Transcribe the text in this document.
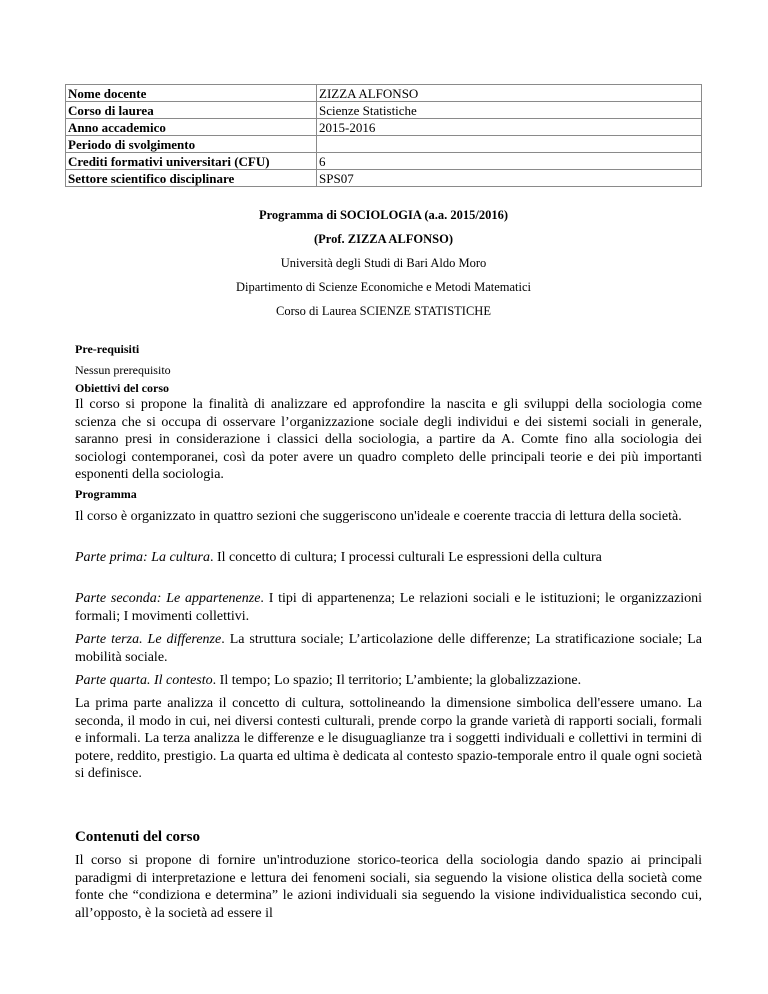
Nome docente	ZIZZA ALFONSO
Corso di laurea	Scienze Statistiche
Anno accademico	2015-2016
Periodo di svolgimento	
Crediti formativi universitari (CFU)	6
Settore scientifico disciplinare	SPS07
Programma di SOCIOLOGIA (a.a. 2015/2016)
(Prof. ZIZZA ALFONSO)
Università degli Studi di Bari Aldo Moro
Dipartimento di Scienze Economiche e Metodi Matematici
Corso di Laurea SCIENZE STATISTICHE
Pre-requisiti
Nessun prerequisito
Obiettivi del corso

Il corso si propone la finalità di analizzare ed approfondire la nascita e gli sviluppi della sociologia come scienza che si occupa di osservare l’organizzazione sociale degli individui e dei sistemi sociali in generale, saranno presi in considerazione i classici della sociologia, a partire da A. Comte fino alla sociologia dei sociologi contemporanei, così da poter avere un quadro completo delle principali teorie e dei più importanti esponenti della sociologia.

Programma

Il corso è organizzato in quattro sezioni che suggeriscono un'ideale e coerente traccia di lettura della società.

Parte prima: La cultura. Il concetto di cultura; I processi culturali Le espressioni della cultura

Parte seconda: Le appartenenze. I tipi di appartenenza; Le relazioni sociali e le istituzioni; le organizzazioni formali; I movimenti collettivi.

Parte terza. Le differenze. La struttura sociale; L’articolazione delle differenze; La stratificazione sociale; La mobilità sociale.

Parte quarta. Il contesto. Il tempo; Lo spazio; Il territorio; L’ambiente; la globalizzazione.

La prima parte analizza il concetto di cultura, sottolineando la dimensione simbolica dell'essere umano. La seconda, il modo in cui, nei diversi contesti culturali, prende corpo la grande varietà di rapporti sociali, formali e informali. La terza analizza le differenze e le disuguaglianze tra i soggetti individuali e collettivi in termini di potere, reddito, prestigio. La quarta ed ultima è dedicata al contesto spazio-temporale entro il quale ogni società si definisce.

Contenuti del corso

Il corso si propone di fornire un'introduzione storico-teorica della sociologia dando spazio ai principali paradigmi di interpretazione e lettura dei fenomeni sociali, sia seguendo la visione olistica della società come fonte che “condiziona e determina” le azioni individuali sia seguendo la visione individualistica secondo cui, all’opposto, è la società ad essere il
